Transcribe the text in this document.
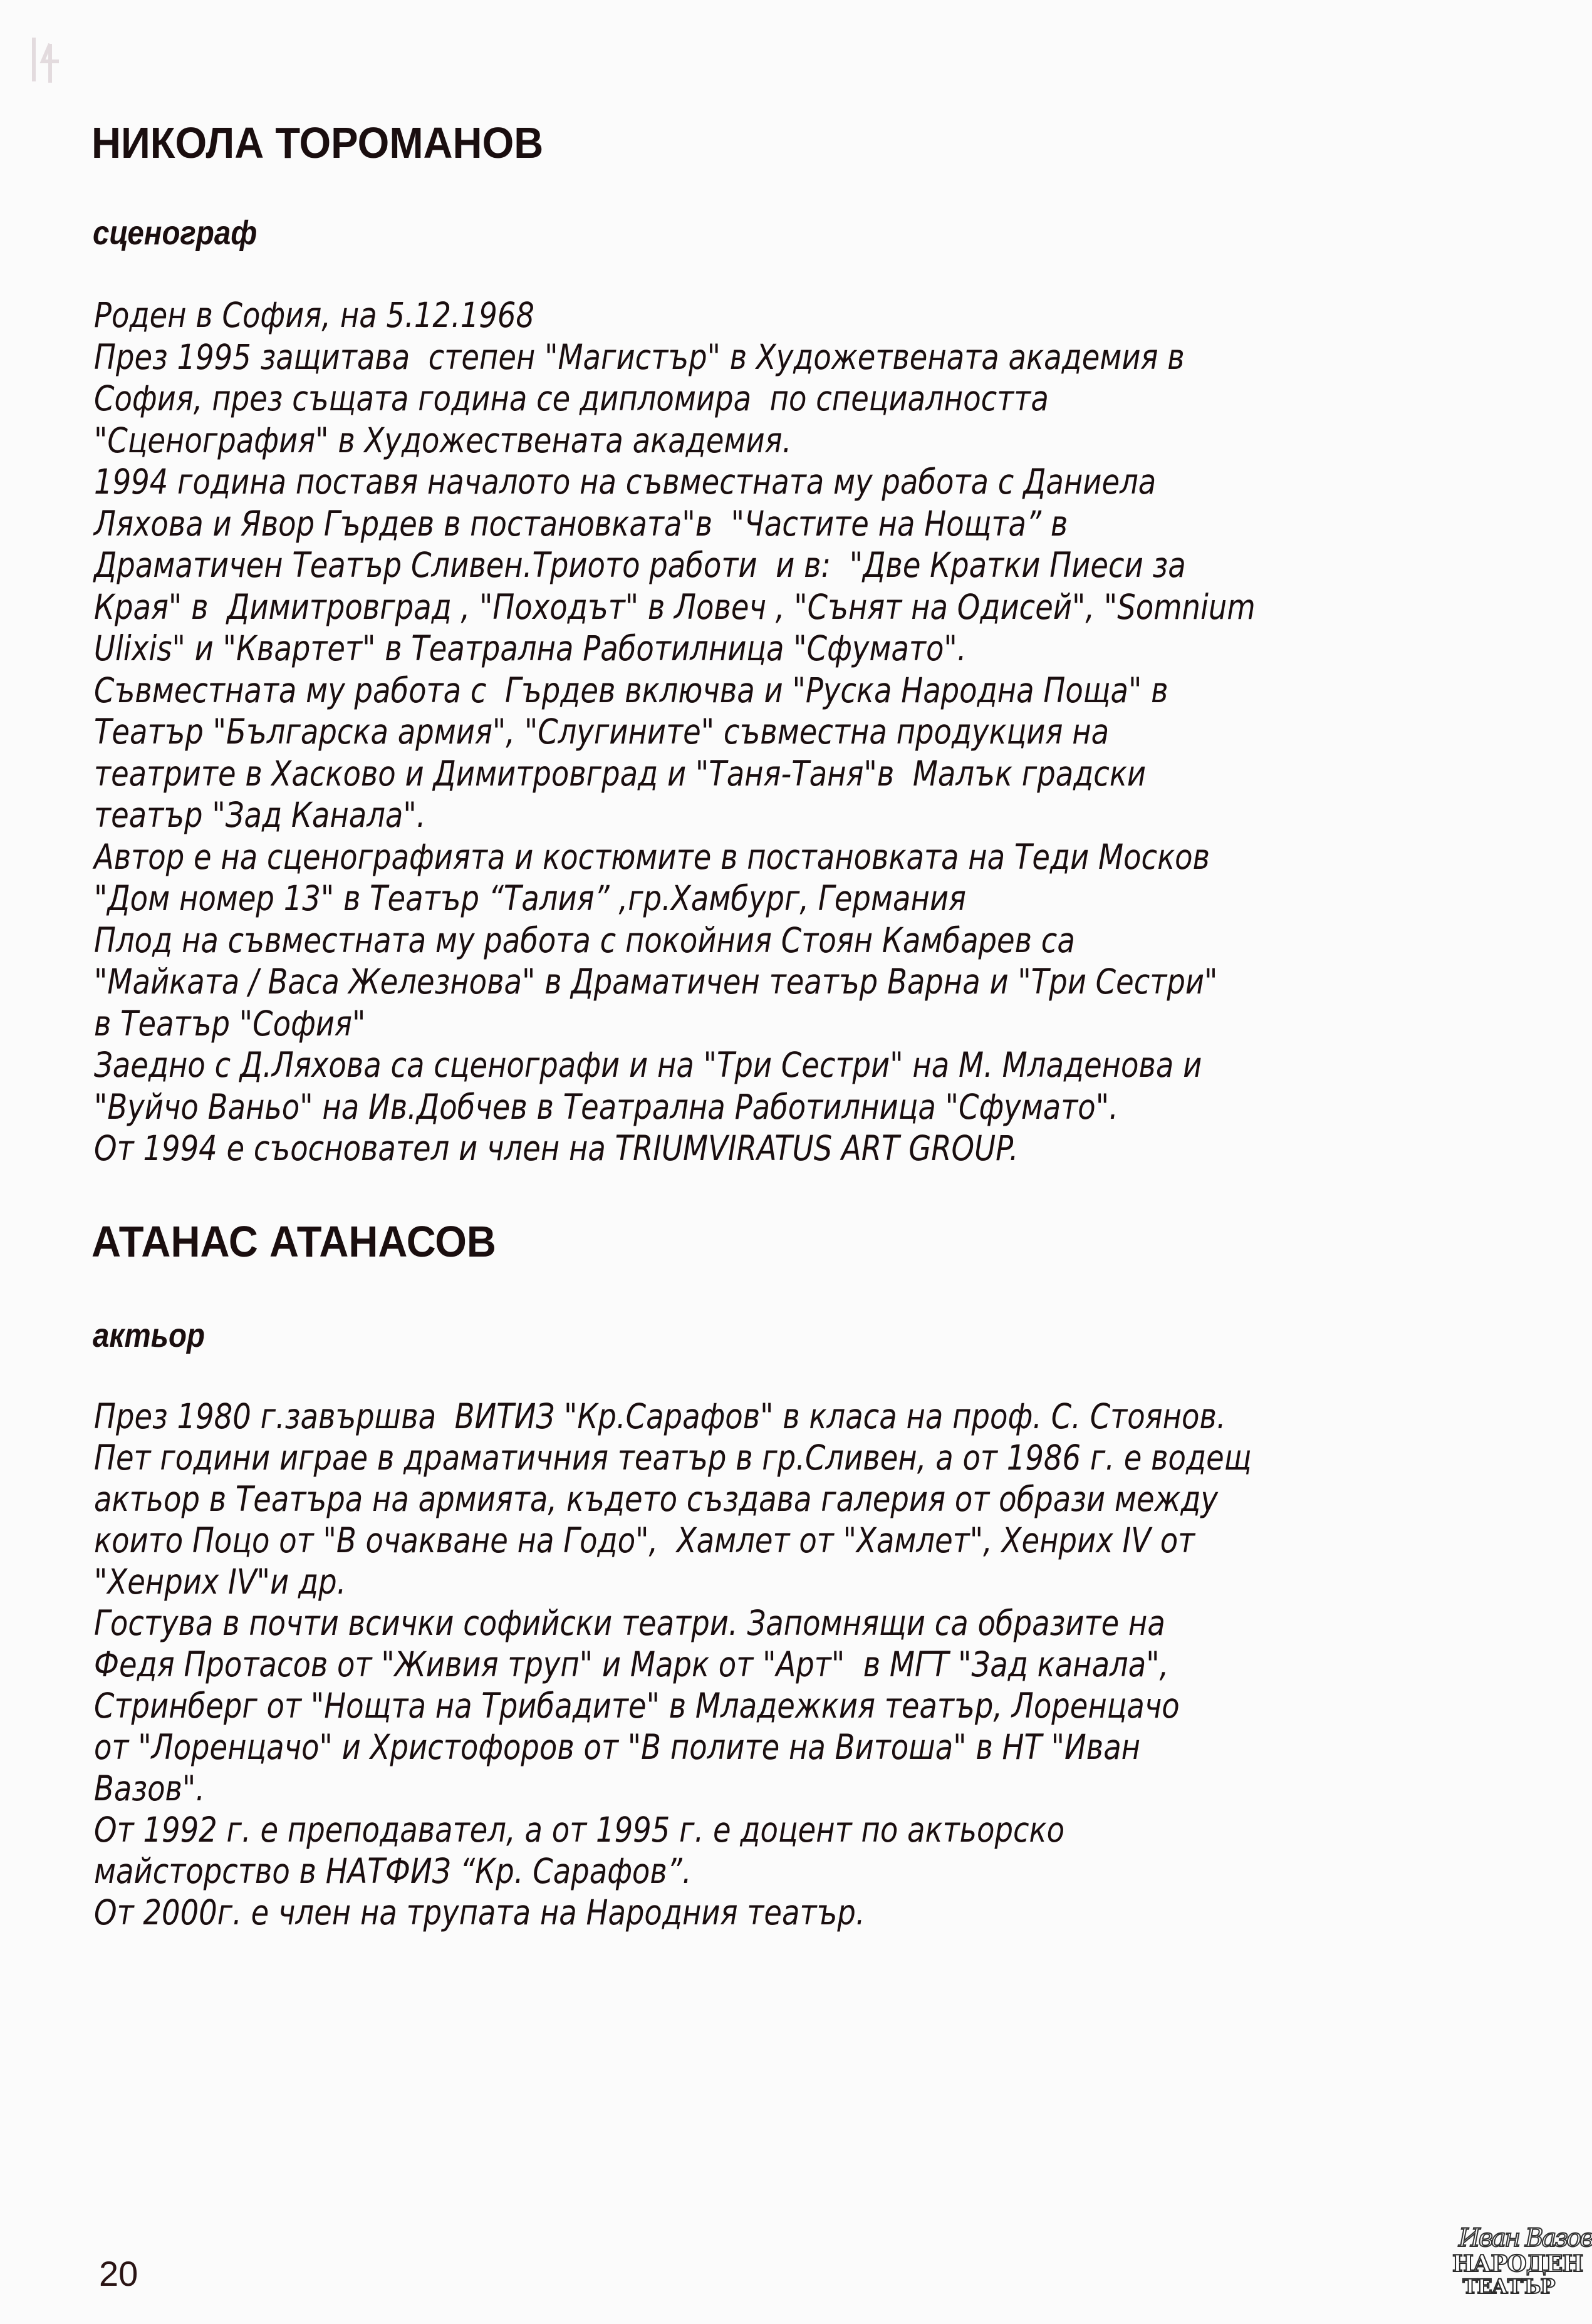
НИКОЛА ТОРОМАНОВ
сценограф
Роден в София, на 5.12.1968
През 1995 защитава  степен "Магистър" в Художетвената академия в
София, през същата година се дипломира  по специалността
"Сценография" в Художествената академия.
1994 година поставя началото на съвместната му работа с Даниела
Ляхова и Явор Гърдев в постановката"в  "Частите на Нощта” в
Драматичен Театър Сливен.Триото работи  и в:  "Две Кратки Пиеси за
Края" в  Димитровград , "Походът" в Ловеч , "Сънят на Одисей", "Somnium
Ulixis" и "Квартет" в Театрална Работилница "Сфумато".
Съвместната му работа с  Гърдев включва и "Руска Народна Поща" в
Театър "Българска армия", "Слугините" съвместна продукция на
театрите в Хасково и Димитровград и "Таня-Таня"в  Малък градски
театър "Зад Канала".
Автор е на сценографията и костюмите в постановката на Теди Москов
"Дом номер 13" в Театър “Талия” ,гр.Хамбург, Германия
Плод на съвместната му работа с покойния Стоян Камбарев са
"Майката / Васа Железнова" в Драматичен театър Варна и "Три Сестри"
в Театър "София"
Заедно с Д.Ляхова са сценографи и на "Три Сестри" на М. Младенова и
"Вуйчо Ваньо" на Ив.Добчев в Театрална Работилница "Сфумато".
От 1994 е съосновател и член на TRIUMVIRATUS ART GROUP.
АТАНАС АТАНАСОВ
актьор
През 1980 г.завършва  ВИТИЗ "Кр.Сарафов" в класа на проф. С. Стоянов.
Пет години играе в драматичния театър в гр.Сливен, а от 1986 г. е водещ
актьор в Театъра на армията, където създава галерия от образи между
които Поцо от "В очакване на Годо",  Хамлет от "Хамлет", Хенрих IV от
"Хенрих IV"и др.
Гостува в почти всички софийски театри. Запомнящи са образите на
Федя Протасов от "Живия труп" и Марк от "Арт"  в МГТ "Зад канала",
Стринберг от "Нощта на Трибадите" в Младежкия театър, Лоренцачо
от "Лоренцачо" и Христофоров от "В полите на Витоша" в НТ "Иван
Вазов".
От 1992 г. е преподавател, а от 1995 г. е доцент по актьорско
майсторство в НАТФИЗ “Кр. Сарафов”.
От 2000г. е член на трупата на Народния театър.
20
Иван Вазов
НАРОДЕН
ТЕАТЪР
